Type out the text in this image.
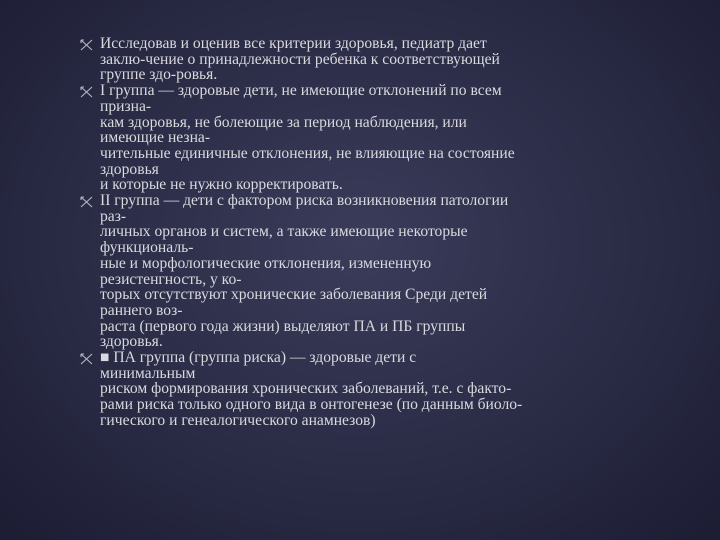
Исследовав и оценив все критерии здоровья, педиатр дает
заклю-чение о принадлежности ребенка к соответствующей
группе здо-ровья.
I группа — здоровые дети, не имеющие отклонений по всем
призна-
кам здоровья, не болеющие за период наблюдения, или
имеющие незна-
чительные единичные отклонения, не влияющие на состояние
здоровья
и которые не нужно корректировать.
II группа — дети с фактором риска возникновения патологии
раз-
личных органов и систем, а также имеющие некоторые
функциональ-
ные и морфологические отклонения, измененную
резистенгность, у ко-
торых отсутствуют хронические заболевания Среди детей
раннего воз-
раста (первого года жизни) выделяют ПА и ПБ группы
здоровья.
■ ПА группа (группа риска) — здоровые дети с
минимальным
риском формирования хронических заболеваний, т.е. с факто-
рами риска только одного вида в онтогенезе (по данным биоло-
гического и генеалогического анамнезов)
